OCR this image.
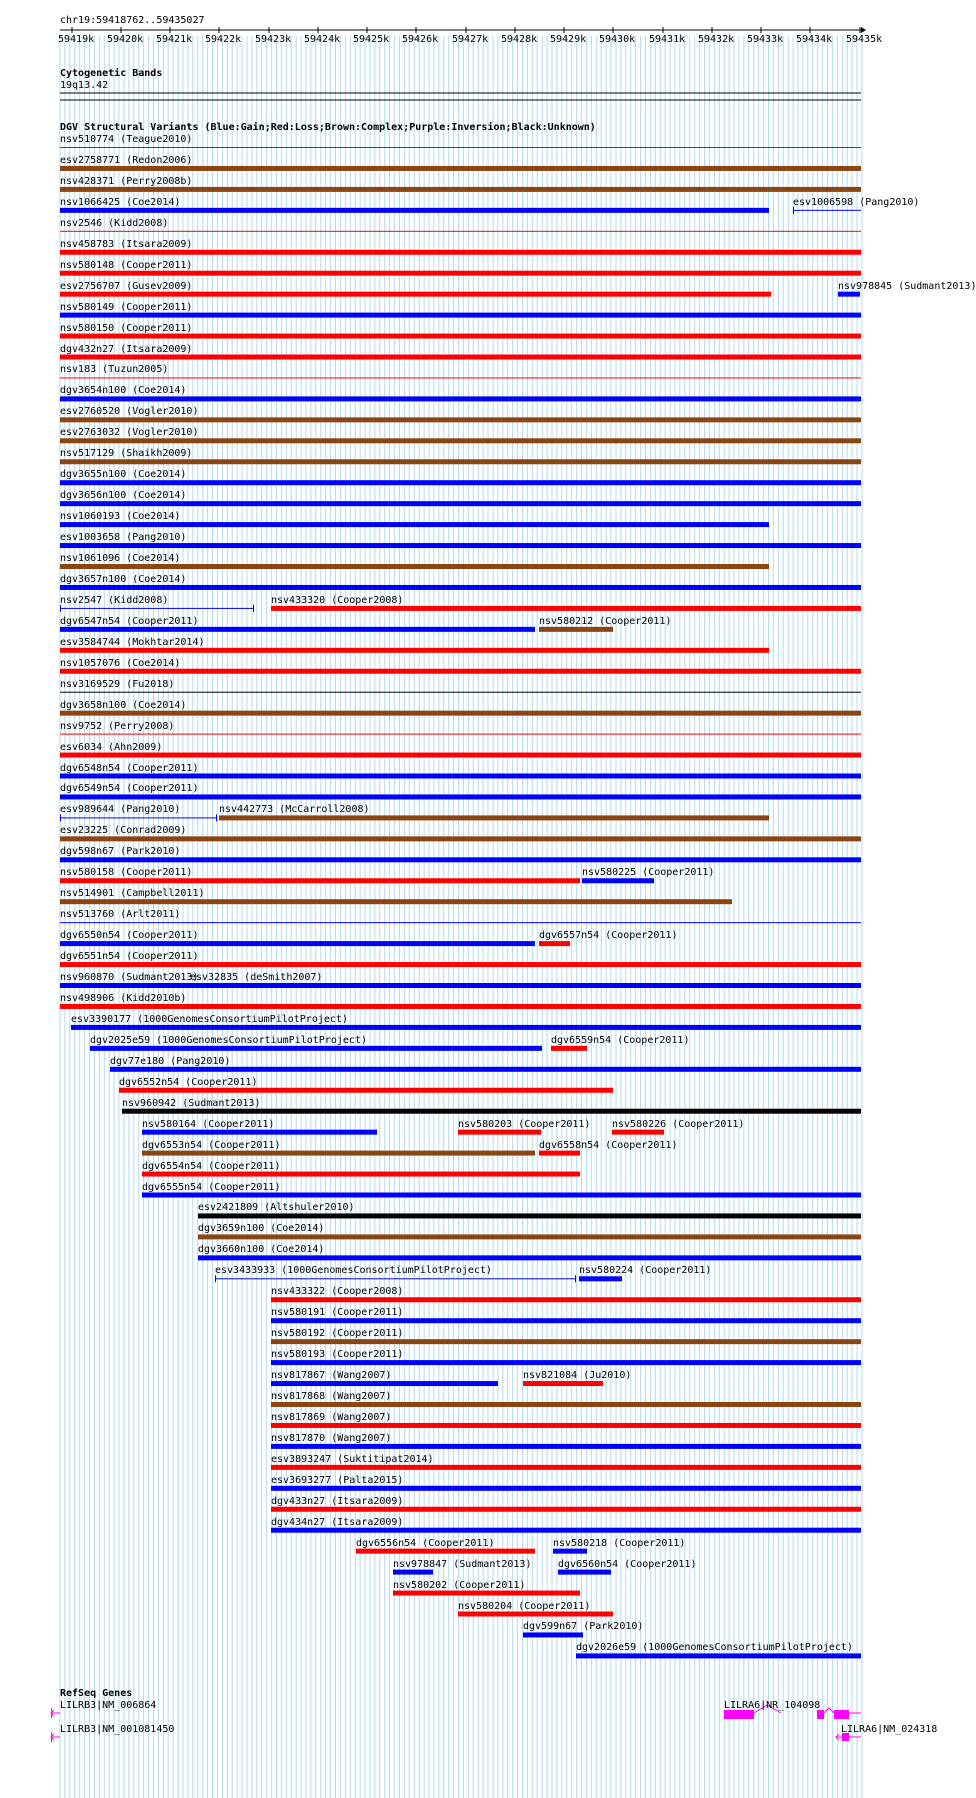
chr19:59418762..59435027
59419k 59420k 59421k 59422k 59423k 59424k 59425k 59426k 59427k 59428k 59429k 59430k 59431k 59432k 59433k 59434k 59435k
Cytogenetic Bands
19q13.42
DGV Structural Variants (Blue:Gain;Red:Loss;Brown:Complex;Purple:Inversion;Black:Unknown)
nsv510774 (Teague2010)
esv2758771 (Redon2006)
nsv428371 (Perry2008b)
nsv1066425 (Coe2014)	esv1006598 (Pang2010)
nsv2546 (Kidd2008)
nsv458783 (Itsara2009)
nsv580148 (Cooper2011)
esv2756707 (Gusev2009)	nsv978845 (Sudmant2013)
nsv580149 (Cooper2011)
nsv580150 (Cooper2011)
dgv432n27 (Itsara2009)
nsv183 (Tuzun2005)
dgv3654n100 (Coe2014)
esv2760520 (Vogler2010)
esv2763032 (Vogler2010)
nsv517129 (Shaikh2009)
dgv3655n100 (Coe2014)
dgv3656n100 (Coe2014)
nsv1060193 (Coe2014)
esv1003658 (Pang2010)
nsv1061096 (Coe2014)
dgv3657n100 (Coe2014)
nsv2547 (Kidd2008)	nsv433320 (Cooper2008)
dgv6547n54 (Cooper2011)	nsv580212 (Cooper2011)
esv3584744 (Mokhtar2014)
nsv1057076 (Coe2014)
nsv3169529 (Fu2018)
dgv3658n100 (Coe2014)
nsv9752 (Perry2008)
esv6034 (Ahn2009)
dgv6548n54 (Cooper2011)
dgv6549n54 (Cooper2011)
esv989644 (Pang2010)	nsv442773 (McCarroll2008)
esv23225 (Conrad2009)
dgv598n67 (Park2010)
nsv580158 (Cooper2011)	nsv580225 (Cooper2011)
nsv514901 (Campbell2011)
nsv513760 (Arlt2011)
dgv6550n54 (Cooper2011)	dgv6557n54 (Cooper2011)
dgv6551n54 (Cooper2011)
nsv960870 (Sudmant2013)
esv32835 (deSmith2007)
nsv498906 (Kidd2010b)
esv3390177 (1000GenomesConsortiumPilotProject)
dgv2025e59 (1000GenomesConsortiumPilotProject)	dgv6559n54 (Cooper2011)
dgv77e180 (Pang2010)
dgv6552n54 (Cooper2011)
nsv960942 (Sudmant2013)
nsv580164 (Cooper2011)	nsv580203 (Cooper2011) nsv580226 (Cooper2011)
dgv6553n54 (Cooper2011)	dgv6558n54 (Cooper2011)
dgv6554n54 (Cooper2011)
dgv6555n54 (Cooper2011)
esv2421809 (Altshuler2010)
dgv3659n100 (Coe2014)
dgv3660n100 (Coe2014)
esv3433933 (1000GenomesConsortiumPilotProject)	nsv580224 (Cooper2011)
nsv433322 (Cooper2008)
nsv580191 (Cooper2011)
nsv580192 (Cooper2011)
nsv580193 (Cooper2011)
nsv817867 (Wang2007)	nsv821084 (Ju2010)
nsv817868 (Wang2007)
nsv817869 (Wang2007)
nsv817870 (Wang2007)
esv3893247 (Suktitipat2014)
esv3693277 (Palta2015)
dgv433n27 (Itsara2009)
dgv434n27 (Itsara2009)
dgv6556n54 (Cooper2011)	nsv580218 (Cooper2011)
nsv978847 (Sudmant2013)	dgv6560n54 (Cooper2011)
nsv580202 (Cooper2011)
nsv580204 (Cooper2011)
dgv599n67 (Park2010)
dgv2026e59 (1000GenomesConsortiumPilotProject)
RefSeq Genes
LILRB3|NM_006864
LILRB3|NM_001081450
LILRA6|NR_104098
LILRA6|NM_024318
